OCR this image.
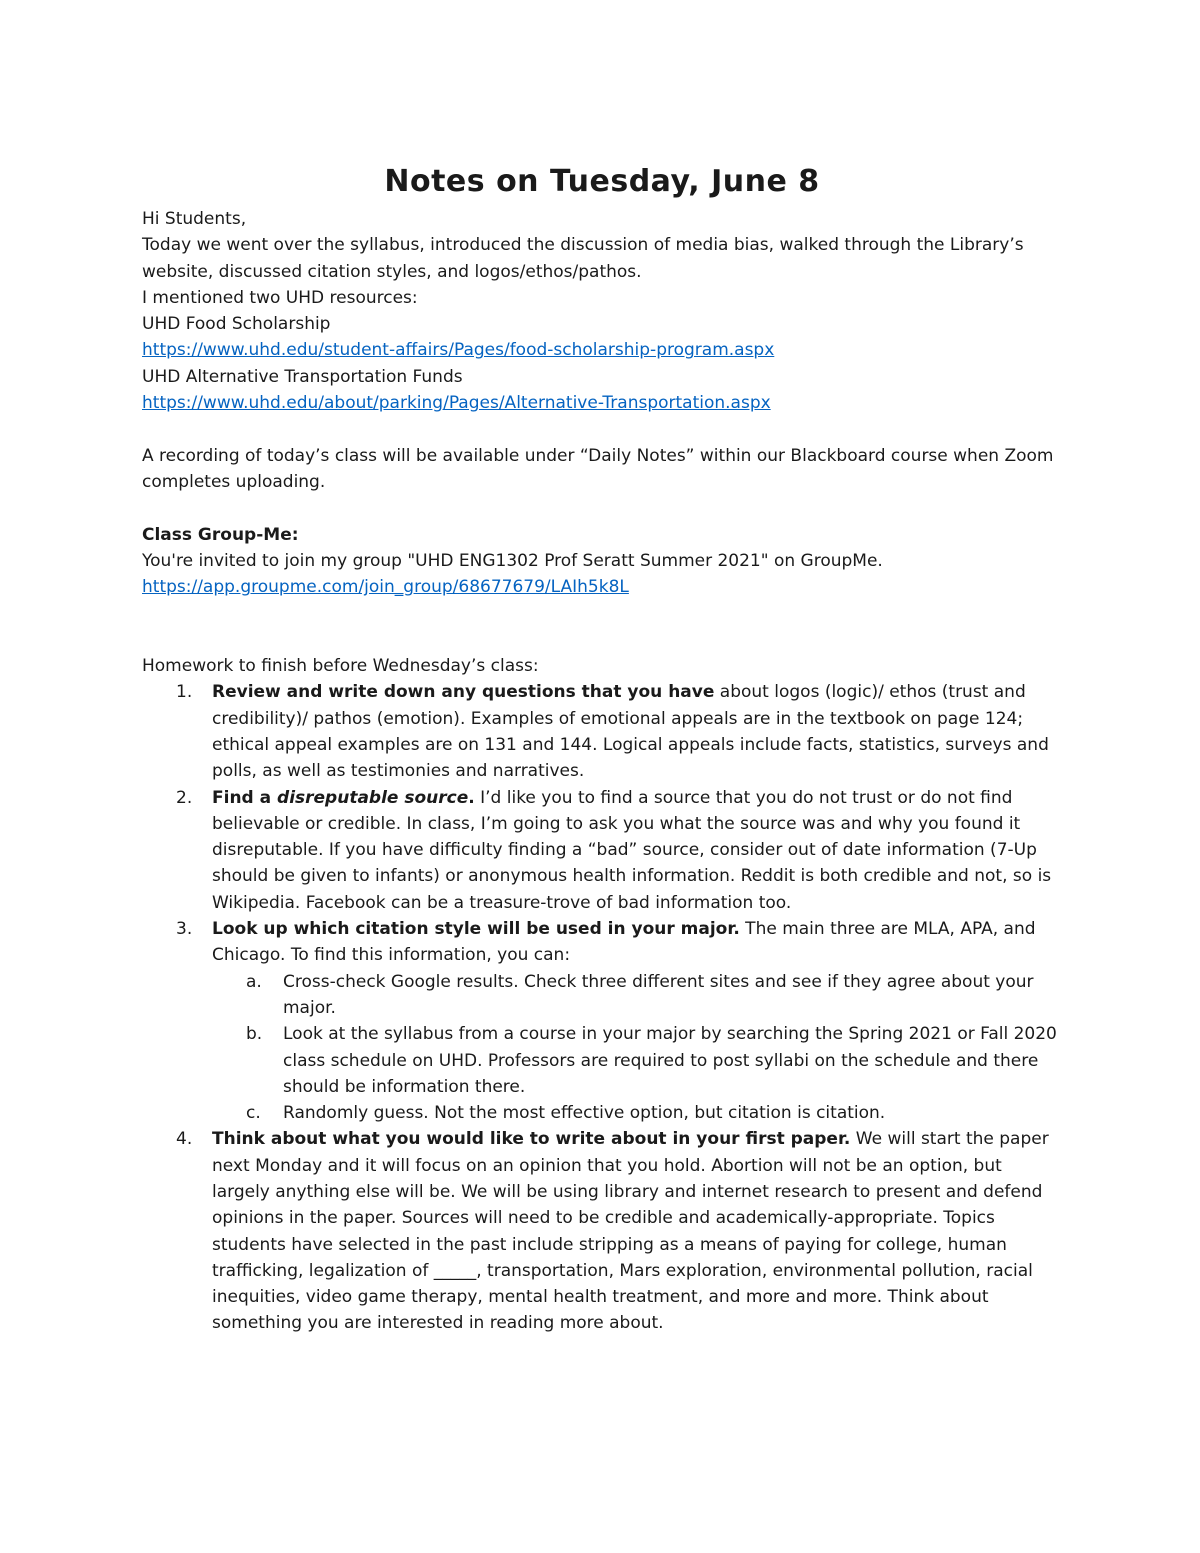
Notes on Tuesday, June 8

Hi Students,

Today we went over the syllabus, introduced the discussion of media bias, walked through the Library’s website, discussed citation styles, and logos/ethos/pathos.

I mentioned two UHD resources:

UHD Food Scholarship

https://www.uhd.edu/student-affairs/Pages/food-scholarship-program.aspx

UHD Alternative Transportation Funds

https://www.uhd.edu/about/parking/Pages/Alternative-Transportation.aspx

A recording of today’s class will be available under “Daily Notes” within our Blackboard course when Zoom completes uploading.

Class Group-Me:

You're invited to join my group "UHD ENG1302 Prof Seratt Summer 2021" on GroupMe.

https://app.groupme.com/join_group/68677679/LAIh5k8L

Homework to finish before Wednesday’s class:

1. Review and write down any questions that you have about logos (logic)/ ethos (trust and credibility)/ pathos (emotion). Examples of emotional appeals are in the textbook on page 124; ethical appeal examples are on 131 and 144. Logical appeals include facts, statistics, surveys and polls, as well as testimonies and narratives.
2. Find a disreputable source. I’d like you to find a source that you do not trust or do not find believable or credible. In class, I’m going to ask you what the source was and why you found it disreputable. If you have difficulty finding a “bad” source, consider out of date information (7-Up should be given to infants) or anonymous health information. Reddit is both credible and not, so is Wikipedia. Facebook can be a treasure-trove of bad information too.
3. Look up which citation style will be used in your major. The main three are MLA, APA, and Chicago. To find this information, you can:
a. Cross-check Google results. Check three different sites and see if they agree about your major.
b. Look at the syllabus from a course in your major by searching the Spring 2021 or Fall 2020 class schedule on UHD. Professors are required to post syllabi on the schedule and there should be information there.
c. Randomly guess. Not the most effective option, but citation is citation.
4. Think about what you would like to write about in your first paper. We will start the paper next Monday and it will focus on an opinion that you hold. Abortion will not be an option, but largely anything else will be. We will be using library and internet research to present and defend opinions in the paper. Sources will need to be credible and academically-appropriate. Topics students have selected in the past include stripping as a means of paying for college, human trafficking, legalization of _____, transportation, Mars exploration, environmental pollution, racial inequities, video game therapy, mental health treatment, and more and more. Think about something you are interested in reading more about.
